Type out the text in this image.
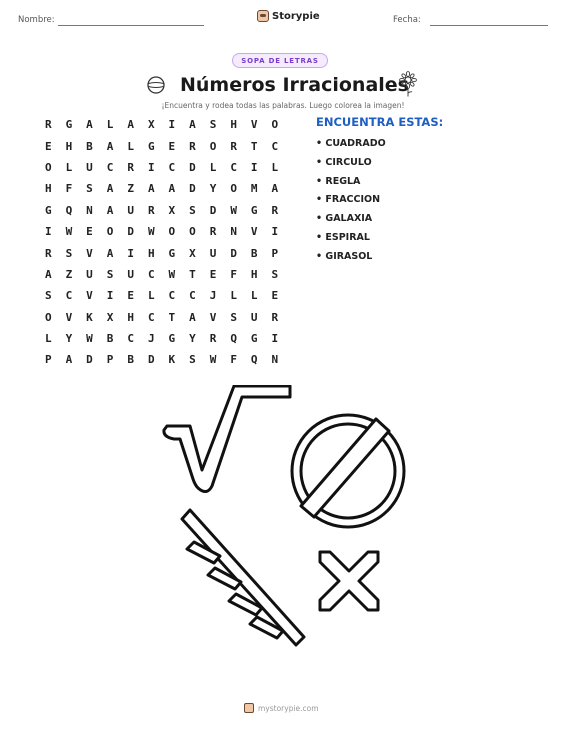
Nombre:	Storypie	Fecha:
SOPA DE LETRAS
Números Irracionales
¡Encuentra y rodea todas las palabras. Luego colorea la imagen!
R	G	A	L	A	X	I	A	S	H	V	O
E	H	B	A	L	G	E	R	O	R	T	C
O	L	U	C	R	I	C	D	L	C	I	L
H	F	S	A	Z	A	A	D	Y	O	M	A
G	Q	N	A	U	R	X	S	D	W	G	R
I	W	E	O	D	W	O	O	R	N	V	I
R	S	V	A	I	H	G	X	U	D	B	P
A	Z	U	S	U	C	W	T	E	F	H	S
S	C	V	I	E	L	C	C	J	L	L	E
O	V	K	X	H	C	T	A	V	S	U	R
L	Y	W	B	C	J	G	Y	R	Q	G	I
P	A	D	P	B	D	K	S	W	F	Q	N
ENCUENTRA ESTAS:
• CUADRADO
• CIRCULO
• REGLA
• FRACCION
• GALAXIA
• ESPIRAL
• GIRASOL
mystorypie.com
